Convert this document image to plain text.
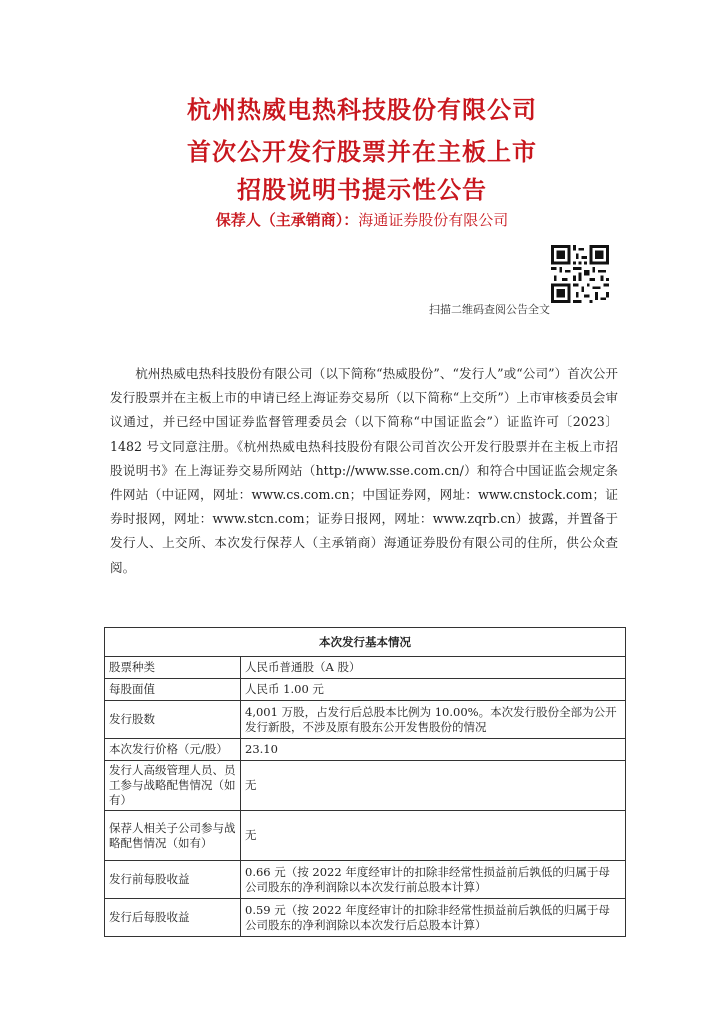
杭州热威电热科技股份有限公司
首次公开发行股票并在主板上市
招股说明书提示性公告
保荐人（主承销商）：海通证券股份有限公司
扫描二维码查阅公告全文

杭州热威电热科技股份有限公司（以下简称“热威股份”、“发行人”或“公司”）首次公开发行股票并在主板上市的申请已经上海证券交易所（以下简称“上交所”）上市审核委员会审议通过，并已经中国证券监督管理委员会（以下简称“中国证监会”）证监许可〔2023〕1482 号文同意注册。《杭州热威电热科技股份有限公司首次公开发行股票并在主板上市招股说明书》在上海证券交易所网站（http://www.sse.com.cn/）和符合中国证监会规定条件网站（中证网，网址：www.cs.com.cn；中国证券网，网址：www.cnstock.com；证券时报网，网址：www.stcn.com；证券日报网，网址：www.zqrb.cn）披露，并置备于发行人、上交所、本次发行保荐人（主承销商）海通证券股份有限公司的住所，供公众查阅。

本次发行基本情况	
股票种类	人民币普通股（A 股）
每股面值	人民币 1.00 元
发行股数	4,001 万股，占发行后总股本比例为 10.00%。本次发行股份全部为公开发行新股，不涉及原有股东公开发售股份的情况
本次发行价格（元/股）	23.10
发行人高级管理人员、员工参与战略配售情况（如有）	无
保荐人相关子公司参与战略配售情况（如有）	无
发行前每股收益	0.66 元（按 2022 年度经审计的扣除非经常性损益前后孰低的归属于母公司股东的净利润除以本次发行前总股本计算）
发行后每股收益	0.59 元（按 2022 年度经审计的扣除非经常性损益前后孰低的归属于母公司股东的净利润除以本次发行后总股本计算）
